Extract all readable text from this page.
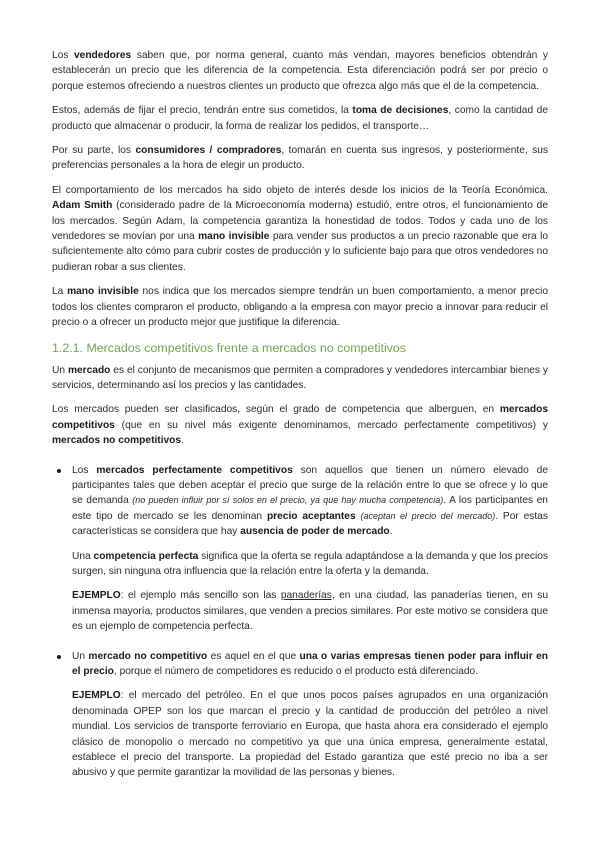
Los vendedores saben que, por norma general, cuanto más vendan, mayores beneficios obtendrán y establecerán un precio que les diferencia de la competencia. Esta diferenciación podrá ser por precio o porque estemos ofreciendo a nuestros clientes un producto que ofrezca algo más que el de la competencia.

Estos, además de fijar el precio, tendrán entre sus cometidos, la toma de decisiones, como la cantidad de producto que almacenar o producir, la forma de realizar los pedidos, el transporte…

Por su parte, los consumidores / compradores, tomarán en cuenta sus ingresos, y posteriormente, sus preferencias personales a la hora de elegir un producto.

El comportamiento de los mercados ha sido objeto de interés desde los inicios de la Teoría Económica. Adam Smith (considerado padre de la Microeconomía moderna) estudió, entre otros, el funcionamiento de los mercados. Según Adam, la competencia garantiza la honestidad de todos. Todos y cada uno de los vendedores se movían por una mano invisible para vender sus productos a un precio razonable que era lo suficientemente alto cómo para cubrir costes de producción y lo suficiente bajo para que otros vendedores no pudieran robar a sus clientes.

La mano invisible nos indica que los mercados siempre tendrán un buen comportamiento, a menor precio todos los clientes compraron el producto, obligando a la empresa con mayor precio a innovar para reducir el precio o a ofrecer un producto mejor que justifique la diferencia.

1.2.1. Mercados competitivos frente a mercados no competitivos

Un mercado es el conjunto de mecanismos que permiten a compradores y vendedores intercambiar bienes y servicios, determinando así los precios y las cantidades.

Los mercados pueden ser clasificados, según el grado de competencia que alberguen, en mercados competitivos (que en su nivel más exigente denominamos, mercado perfectamente competitivos) y mercados no competitivos.

Los mercados perfectamente competitivos son aquellos que tienen un número elevado de participantes tales que deben aceptar el precio que surge de la relación entre lo que se ofrece y lo que se demanda (no pueden influir por sí solos en el precio, ya que hay mucha competencia). A los participantes en este tipo de mercado se les denominan precio aceptantes (aceptan el precio del mercado). Por estas características se considera que hay ausencia de poder de mercado.

Una competencia perfecta significa que la oferta se regula adaptándose a la demanda y que los precios surgen, sin ninguna otra influencia que la relación entre la oferta y la demanda.

EJEMPLO: el ejemplo más sencillo son las panaderías, en una ciudad, las panaderías tienen, en su inmensa mayoría, productos similares, que venden a precios similares. Por este motivo se considera que es un ejemplo de competencia perfecta.

Un mercado no competitivo es aquel en el que una o varias empresas tienen poder para influir en el precio, porque el número de competidores es reducido o el producto está diferenciado.

EJEMPLO: el mercado del petróleo. En el que unos pocos países agrupados en una organización denominada OPEP son los que marcan el precio y la cantidad de producción del petróleo a nivel mundial. Los servicios de transporte ferroviario en Europa, que hasta ahora era considerado el ejemplo clásico de monopolio o mercado no competitivo ya que una única empresa, generalmente estatal, establece el precio del transporte. La propiedad del Estado garantiza que esté precio no iba a ser abusivo y que permite garantizar la movilidad de las personas y bienes.
